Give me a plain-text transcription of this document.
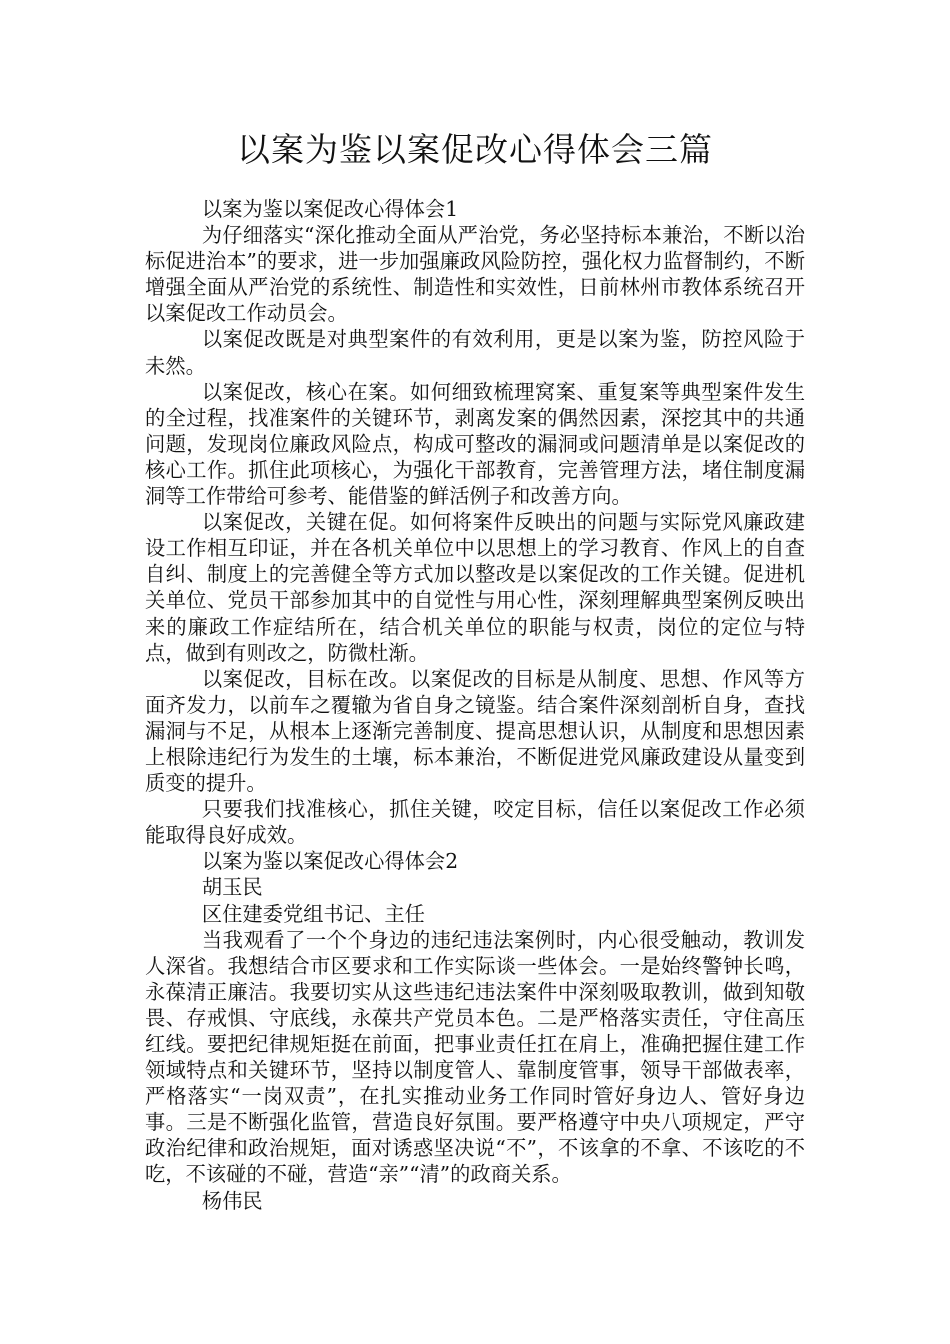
以案为鉴以案促改心得体会三篇

以案为鉴以案促改心得体会1

为仔细落实“深化推动全面从严治党，务必坚持标本兼治，不断以治标促进治本”的要求，进一步加强廉政风险防控，强化权力监督制约，不断增强全面从严治党的系统性、制造性和实效性，日前林州市教体系统召开以案促改工作动员会。

以案促改既是对典型案件的有效利用，更是以案为鉴，防控风险于未然。

以案促改，核心在案。如何细致梳理窝案、重复案等典型案件发生的全过程，找准案件的关键环节，剥离发案的偶然因素，深挖其中的共通问题，发现岗位廉政风险点，构成可整改的漏洞或问题清单是以案促改的核心工作。抓住此项核心，为强化干部教育，完善管理方法，堵住制度漏洞等工作带给可参考、能借鉴的鲜活例子和改善方向。

以案促改，关键在促。如何将案件反映出的问题与实际党风廉政建设工作相互印证，并在各机关单位中以思想上的学习教育、作风上的自查自纠、制度上的完善健全等方式加以整改是以案促改的工作关键。促进机关单位、党员干部参加其中的自觉性与用心性，深刻理解典型案例反映出来的廉政工作症结所在，结合机关单位的职能与权责，岗位的定位与特点，做到有则改之，防微杜渐。

以案促改，目标在改。以案促改的目标是从制度、思想、作风等方面齐发力，以前车之覆辙为省自身之镜鉴。结合案件深刻剖析自身，查找漏洞与不足，从根本上逐渐完善制度、提高思想认识，从制度和思想因素上根除违纪行为发生的土壤，标本兼治，不断促进党风廉政建设从量变到质变的提升。

只要我们找准核心，抓住关键，咬定目标，信任以案促改工作必须能取得良好成效。

以案为鉴以案促改心得体会2

胡玉民

区住建委党组书记、主任

当我观看了一个个身边的违纪违法案例时，内心很受触动，教训发人深省。我想结合市区要求和工作实际谈一些体会。一是始终警钟长鸣，永葆清正廉洁。我要切实从这些违纪违法案件中深刻吸取教训，做到知敬畏、存戒惧、守底线，永葆共产党员本色。二是严格落实责任，守住高压红线。要把纪律规矩挺在前面，把事业责任扛在肩上，准确把握住建工作领域特点和关键环节，坚持以制度管人、靠制度管事，领导干部做表率，严格落实“一岗双责”，在扎实推动业务工作同时管好身边人、管好身边事。三是不断强化监管，营造良好氛围。要严格遵守中央八项规定，严守政治纪律和政治规矩，面对诱惑坚决说“不”，不该拿的不拿、不该吃的不吃，不该碰的不碰，营造“亲”“清”的政商关系。

杨伟民
